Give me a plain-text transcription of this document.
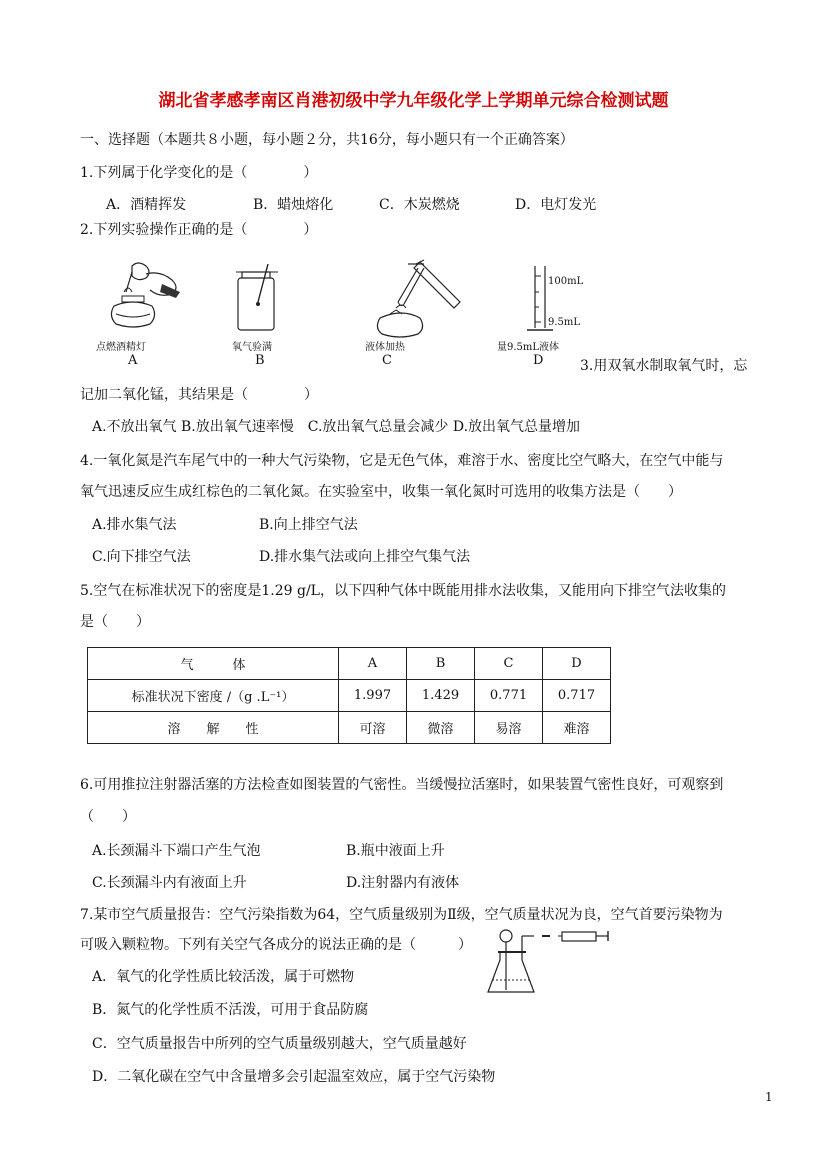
湖北省孝感孝南区肖港初级中学九年级化学上学期单元综合检测试题
一、选择题（本题共８小题，每小题２分，共16分，每小题只有一个正确答案）
1.下列属于化学变化的是（　　　　）
A．酒精挥发	B．蜡烛熔化	C．木炭燃烧	D．电灯发光
2.下列实验操作正确的是（　　　　）
点燃酒精灯
A
氧气验满
B
液体加热
C
100mL
9.5mL
量9.5mL液体
D	3.用双氧水制取氧气时，忘
记加二氧化锰，其结果是（　　　　）
A.不放出氧气 B.放出氧气速率慢　C.放出氧气总量会减少 D.放出氧气总量增加
4.一氧化氮是汽车尾气中的一种大气污染物，它是无色气体，难溶于水、密度比空气略大，在空气中能与
氧气迅速反应生成红棕色的二氧化氮。在实验室中，收集一氧化氮时可选用的收集方法是（　　）
A.排水集气法	B.向上排空气法
C.向下排空气法	D.排水集气法或向上排空气集气法
5.空气在标准状况下的密度是1.29 g/L，以下四种气体中既能用排水法收集，又能用向下排空气法收集的
是（　　）
气　　　体	A	B	C	D
标准状况下密度 /（g .L⁻¹）	1.997	1.429	0.771	0.717
溶　　解　　性	可溶	微溶	易溶	难溶
6.可用推拉注射器活塞的方法检查如图装置的气密性。当缓慢拉活塞时，如果装置气密性良好，可观察到
（　　）
A.长颈漏斗下端口产生气泡	B.瓶中液面上升
C.长颈漏斗内有液面上升	D.注射器内有液体
7.某市空气质量报告：空气污染指数为64，空气质量级别为Ⅱ级，空气质量状况为良，空气首要污染物为
可吸入颗粒物。下列有关空气各成分的说法正确的是（　　　）
A．氧气的化学性质比较活泼，属于可燃物
B．氮气的化学性质不活泼，可用于食品防腐
C．空气质量报告中所列的空气质量级别越大，空气质量越好
D．二氧化碳在空气中含量增多会引起温室效应，属于空气污染物
1
